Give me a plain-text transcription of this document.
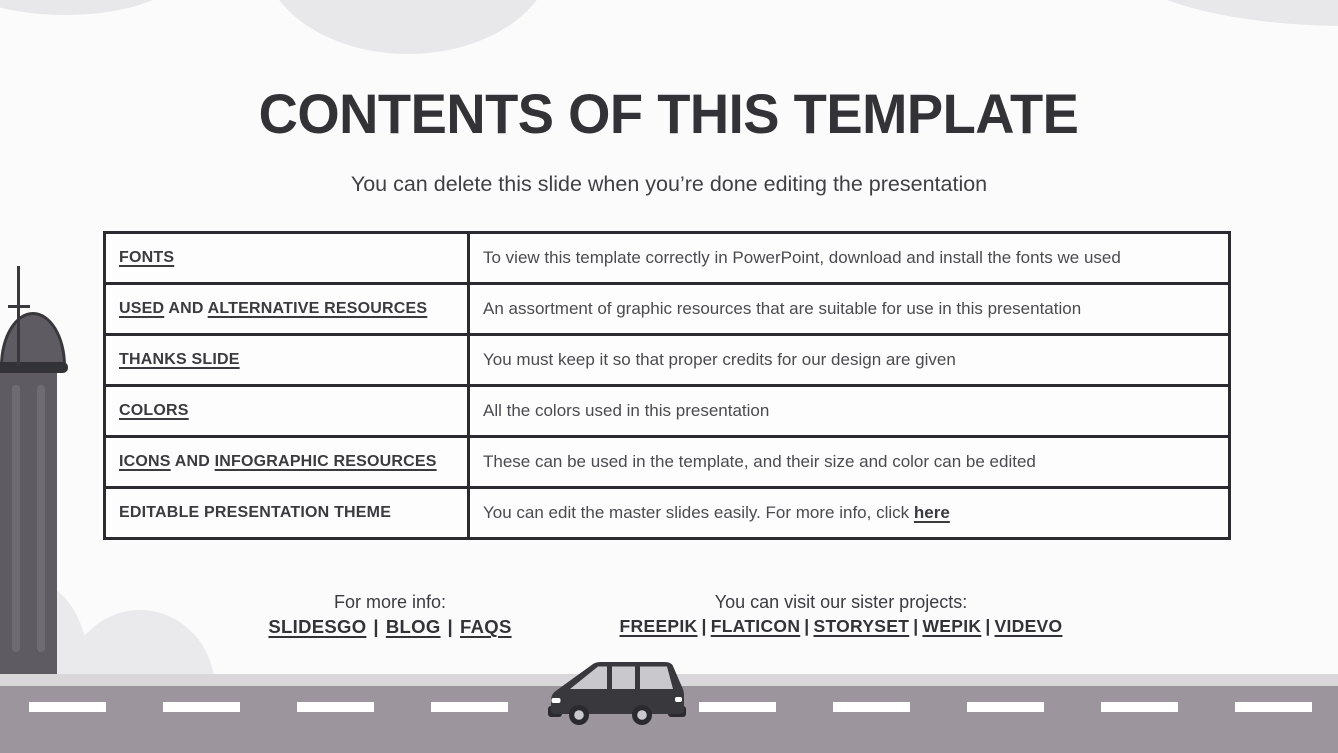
CONTENTS OF THIS TEMPLATE
You can delete this slide when you’re done editing the presentation
FONTS	To view this template correctly in PowerPoint, download and install the fonts we used
USED AND ALTERNATIVE RESOURCES	An assortment of graphic resources that are suitable for use in this presentation
THANKS SLIDE	You must keep it so that proper credits for our design are given
COLORS	All the colors used in this presentation
ICONS AND INFOGRAPHIC RESOURCES	These can be used in the template, and their size and color can be edited
EDITABLE PRESENTATION THEME	You can edit the master slides easily. For more info, click here
For more info:
SLIDESGO | BLOG | FAQS
You can visit our sister projects:
FREEPIK | FLATICON | STORYSET | WEPIK | VIDEVO
